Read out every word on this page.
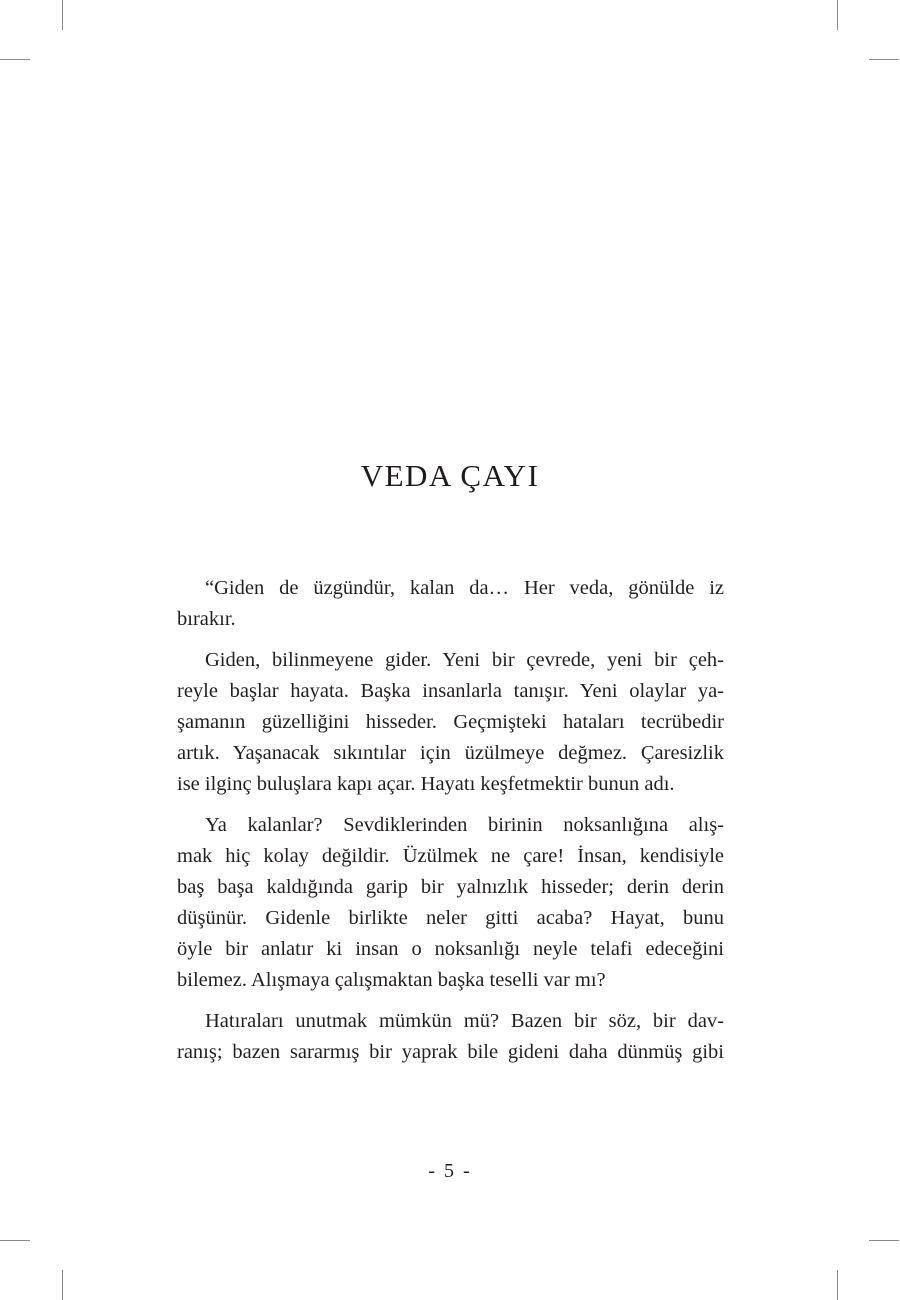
VEDA ÇAYI
“Giden de üzgündür, kalan da… Her veda, gönülde iz
bırakır.
Giden, bilinmeyene gider. Yeni bir çevrede, yeni bir çeh-
reyle başlar hayata. Başka insanlarla tanışır. Yeni olaylar ya-
şamanın güzelliğini hisseder. Geçmişteki hataları tecrübedir
artık. Yaşanacak sıkıntılar için üzülmeye değmez. Çaresizlik
ise ilginç buluşlara kapı açar. Hayatı keşfetmektir bunun adı.
Ya kalanlar? Sevdiklerinden birinin noksanlığına alış-
mak hiç kolay değildir. Üzülmek ne çare! İnsan, kendisiyle
baş başa kaldığında garip bir yalnızlık hisseder; derin derin
düşünür. Gidenle birlikte neler gitti acaba? Hayat, bunu
öyle bir anlatır ki insan o noksanlığı neyle telafi edeceğini
bilemez. Alışmaya çalışmaktan başka teselli var mı?
Hatıraları unutmak mümkün mü? Bazen bir söz, bir dav-
ranış; bazen sararmış bir yaprak bile gideni daha dünmüş gibi
- 5 -
